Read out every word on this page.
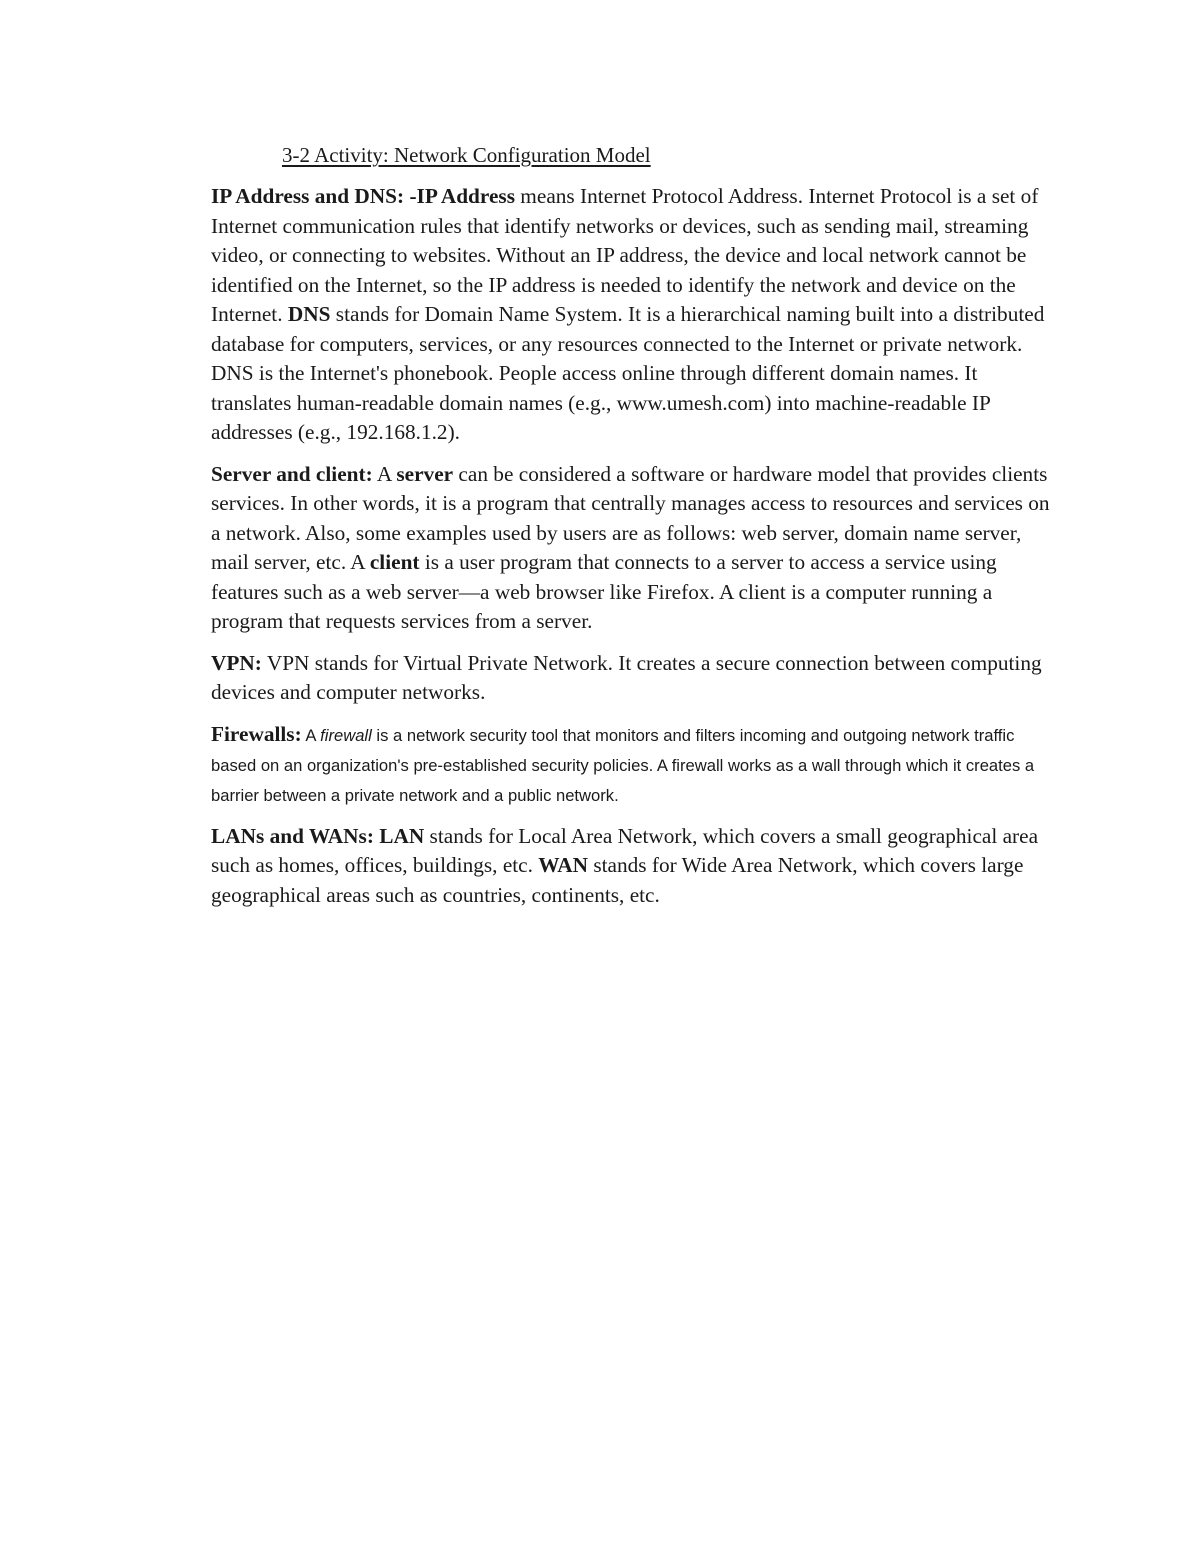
3-2 Activity: Network Configuration Model

IP Address and DNS: -IP Address means Internet Protocol Address. Internet Protocol is a set of Internet communication rules that identify networks or devices, such as sending mail, streaming video, or connecting to websites. Without an IP address, the device and local network cannot be identified on the Internet, so the IP address is needed to identify the network and device on the Internet. DNS stands for Domain Name System. It is a hierarchical naming built into a distributed database for computers, services, or any resources connected to the Internet or private network. DNS is the Internet's phonebook. People access online through different domain names. It translates human-readable domain names (e.g., www.umesh.com) into machine-readable IP addresses (e.g., 192.168.1.2).

Server and client: A server can be considered a software or hardware model that provides clients services. In other words, it is a program that centrally manages access to resources and services on a network. Also, some examples used by users are as follows: web server, domain name server, mail server, etc. A client is a user program that connects to a server to access a service using features such as a web server—a web browser like Firefox. A client is a computer running a program that requests services from a server.

VPN: VPN stands for Virtual Private Network. It creates a secure connection between computing devices and computer networks.

Firewalls: A firewall is a network security tool that monitors and filters incoming and outgoing network traffic based on an organization's pre-established security policies. A firewall works as a wall through which it creates a barrier between a private network and a public network.

LANs and WANs: LAN stands for Local Area Network, which covers a small geographical area such as homes, offices, buildings, etc. WAN stands for Wide Area Network, which covers large geographical areas such as countries, continents, etc.
